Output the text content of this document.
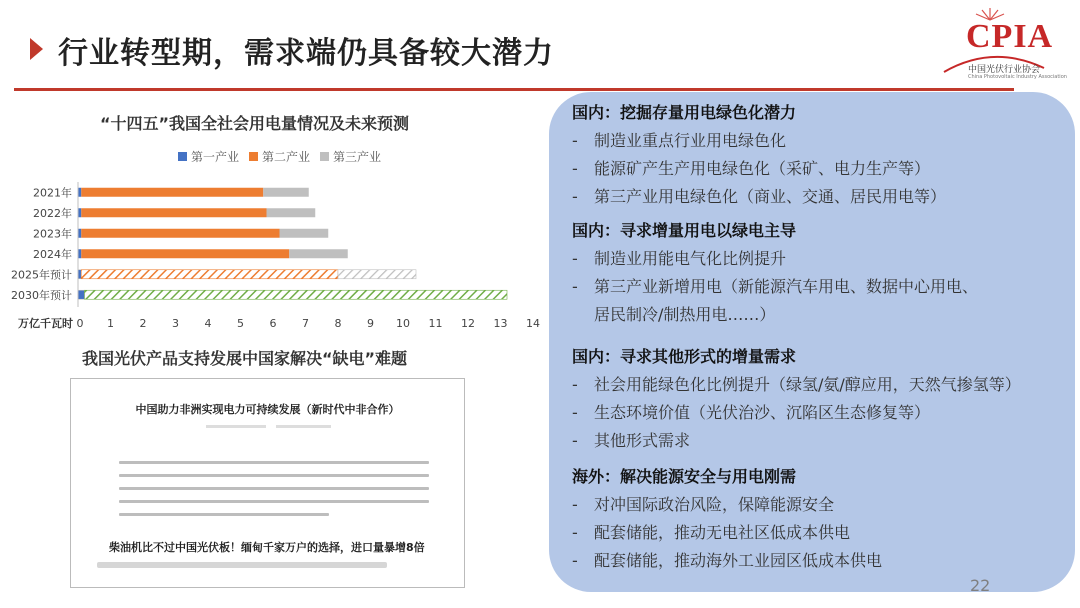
行业转型期，需求端仍具备较大潜力	CPIA
中国光伏行业协会
China Photovoltaic Industry Association
“十四五”我国全社会用电量情况及未来预测
第一产业 第二产业 第三产业
2021年
2022年
2023年
2024年
2025年预计
2030年预计
0 1 2 3 4 5 6 7 8 9 10 11 12 13 14
万亿千瓦时
我国光伏产品支持发展中国家解决“缺电”难题
中国助力非洲实现电力可持续发展（新时代中非合作）
柴油机比不过中国光伏板！缅甸千家万户的选择，进口量暴增8倍
国内：挖掘存量用电绿色化潜力
- 制造业重点行业用电绿色化
- 能源矿产生产用电绿色化（采矿、电力生产等）
- 第三产业用电绿色化（商业、交通、居民用电等）
国内：寻求增量用电以绿电主导
- 制造业用能电气化比例提升
- 第三产业新增用电（新能源汽车用电、数据中心用电、
居民制冷/制热用电……）
国内：寻求其他形式的增量需求
- 社会用能绿色化比例提升（绿氢/氨/醇应用，天然气掺氢等）
- 生态环境价值（光伏治沙、沉陷区生态修复等）
- 其他形式需求
海外：解决能源安全与用电刚需
- 对冲国际政治风险，保障能源安全
- 配套储能，推动无电社区低成本供电
- 配套储能，推动海外工业园区低成本供电
22
